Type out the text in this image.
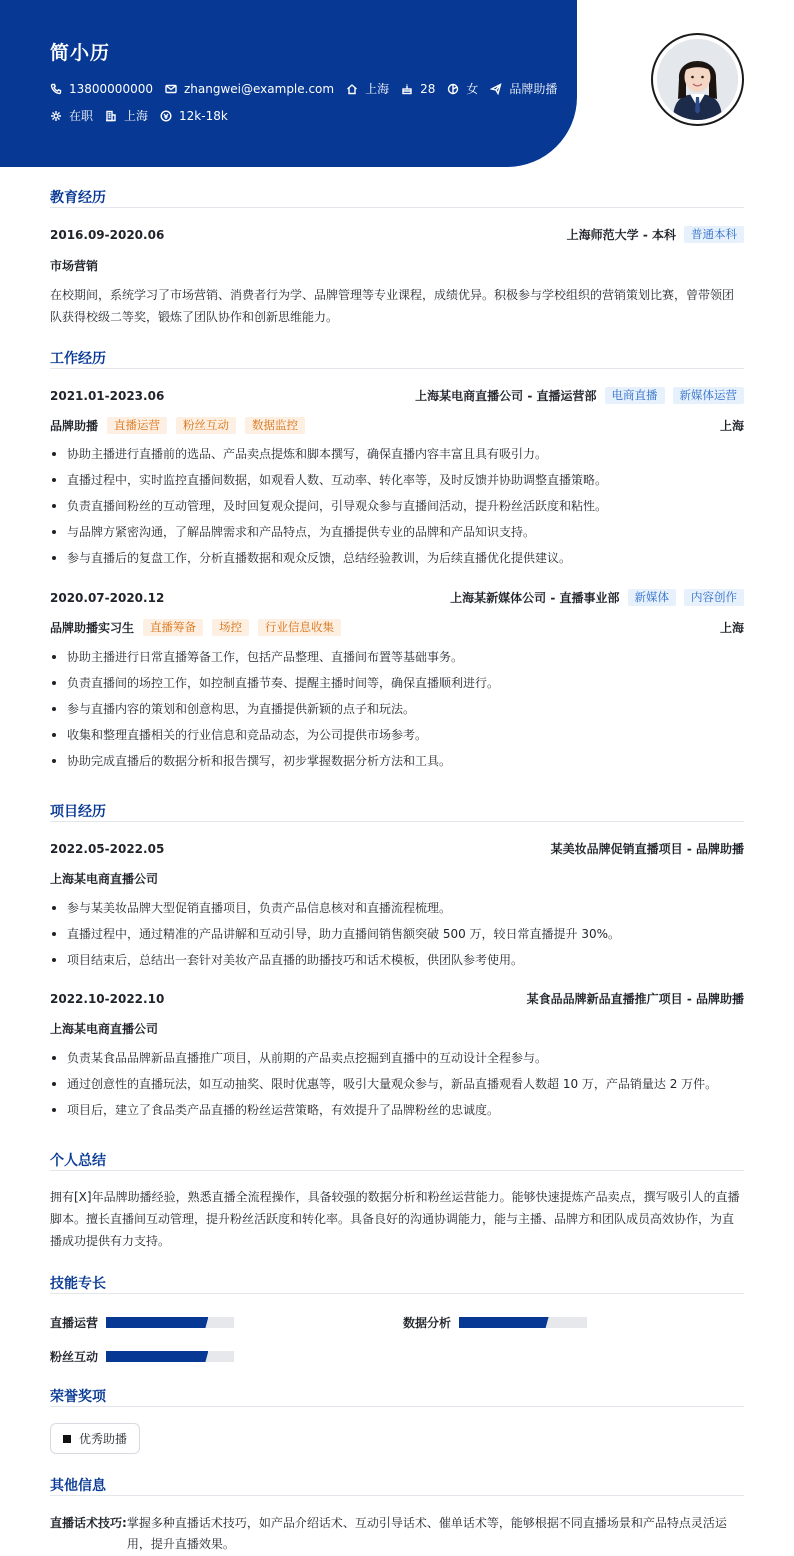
简小历
13800000000	zhangwei@example.com	上海	28	女	品牌助播
在职	上海	12k-18k
教育经历
2016.09-2020.06	上海师范大学 - 本科	普通本科
市场营销
在校期间，系统学习了市场营销、消费者行为学、品牌管理等专业课程，成绩优异。积极参与学校组织的营销策划比赛，曾带领团队获得校级二等奖，锻炼了团队协作和创新思维能力。
工作经历
2021.01-2023.06	上海某电商直播公司 - 直播运营部	电商直播	新媒体运营
品牌助播	直播运营	粉丝互动	数据监控	上海
协助主播进行直播前的选品、产品卖点提炼和脚本撰写，确保直播内容丰富且具有吸引力。
直播过程中，实时监控直播间数据，如观看人数、互动率、转化率等，及时反馈并协助调整直播策略。
负责直播间粉丝的互动管理，及时回复观众提问，引导观众参与直播间活动，提升粉丝活跃度和粘性。
与品牌方紧密沟通，了解品牌需求和产品特点，为直播提供专业的品牌和产品知识支持。
参与直播后的复盘工作，分析直播数据和观众反馈，总结经验教训，为后续直播优化提供建议。
2020.07-2020.12	上海某新媒体公司 - 直播事业部	新媒体	内容创作
品牌助播实习生	直播筹备	场控	行业信息收集	上海
协助主播进行日常直播筹备工作，包括产品整理、直播间布置等基础事务。
负责直播间的场控工作，如控制直播节奏、提醒主播时间等，确保直播顺利进行。
参与直播内容的策划和创意构思，为直播提供新颖的点子和玩法。
收集和整理直播相关的行业信息和竞品动态，为公司提供市场参考。
协助完成直播后的数据分析和报告撰写，初步掌握数据分析方法和工具。
项目经历
2022.05-2022.05	某美妆品牌促销直播项目 - 品牌助播
上海某电商直播公司
参与某美妆品牌大型促销直播项目，负责产品信息核对和直播流程梳理。
直播过程中，通过精准的产品讲解和互动引导，助力直播间销售额突破 500 万，较日常直播提升 30%。
项目结束后，总结出一套针对美妆产品直播的助播技巧和话术模板，供团队参考使用。
2022.10-2022.10	某食品品牌新品直播推广项目 - 品牌助播
上海某电商直播公司
负责某食品品牌新品直播推广项目，从前期的产品卖点挖掘到直播中的互动设计全程参与。
通过创意性的直播玩法，如互动抽奖、限时优惠等，吸引大量观众参与，新品直播观看人数超 10 万，产品销量达 2 万件。
项目后，建立了食品类产品直播的粉丝运营策略，有效提升了品牌粉丝的忠诚度。
个人总结
拥有[X]年品牌助播经验，熟悉直播全流程操作，具备较强的数据分析和粉丝运营能力。能够快速提炼产品卖点，撰写吸引人的直播脚本。擅长直播间互动管理，提升粉丝活跃度和转化率。具备良好的沟通协调能力，能与主播、品牌方和团队成员高效协作，为直播成功提供有力支持。
技能专长
直播运营	数据分析
粉丝互动
荣誉奖项
优秀助播
其他信息
直播话术技巧: 掌握多种直播话术技巧，如产品介绍话术、互动引导话术、催单话术等，能够根据不同直播场景和产品特点灵活运用，提升直播效果。
